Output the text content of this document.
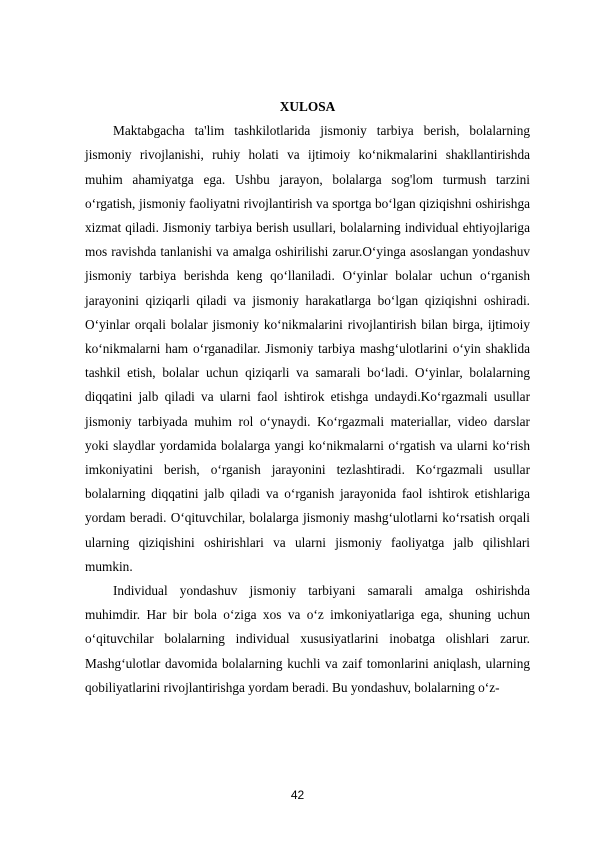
XULOSA

Maktabgacha ta'lim tashkilotlarida jismoniy tarbiya berish, bolalarning jismoniy rivojlanishi, ruhiy holati va ijtimoiy ko‘nikmalarini shakllantirishda muhim ahamiyatga ega. Ushbu jarayon, bolalarga sog'lom turmush tarzini o‘rgatish, jismoniy faoliyatni rivojlantirish va sportga bo‘lgan qiziqishni oshirishga xizmat qiladi. Jismoniy tarbiya berish usullari, bolalarning individual ehtiyojlariga mos ravishda tanlanishi va amalga oshirilishi zarur.O‘yinga asoslangan yondashuv jismoniy tarbiya berishda keng qo‘llaniladi. O‘yinlar bolalar uchun o‘rganish jarayonini qiziqarli qiladi va jismoniy harakatlarga bo‘lgan qiziqishni oshiradi. O‘yinlar orqali bolalar jismoniy ko‘nikmalarini rivojlantirish bilan birga, ijtimoiy ko‘nikmalarni ham o‘rganadilar. Jismoniy tarbiya mashg‘ulotlarini o‘yin shaklida tashkil etish, bolalar uchun qiziqarli va samarali bo‘ladi. O‘yinlar, bolalarning diqqatini jalb qiladi va ularni faol ishtirok etishga undaydi.Ko‘rgazmali usullar jismoniy tarbiyada muhim rol o‘ynaydi. Ko‘rgazmali materiallar, video darslar yoki slaydlar yordamida bolalarga yangi ko‘nikmalarni o‘rgatish va ularni ko‘rish imkoniyatini berish, o‘rganish jarayonini tezlashtiradi. Ko‘rgazmali usullar bolalarning diqqatini jalb qiladi va o‘rganish jarayonida faol ishtirok etishlariga yordam beradi. O‘qituvchilar, bolalarga jismoniy mashg‘ulotlarni ko‘rsatish orqali ularning qiziqishini oshirishlari va ularni jismoniy faoliyatga jalb qilishlari mumkin.

Individual yondashuv jismoniy tarbiyani samarali amalga oshirishda muhimdir. Har bir bola o‘ziga xos va o‘z imkoniyatlariga ega, shuning uchun o‘qituvchilar bolalarning individual xususiyatlarini inobatga olishlari zarur. Mashg‘ulotlar davomida bolalarning kuchli va zaif tomonlarini aniqlash, ularning qobiliyatlarini rivojlantirishga yordam beradi. Bu yondashuv, bolalarning o‘z-

42
